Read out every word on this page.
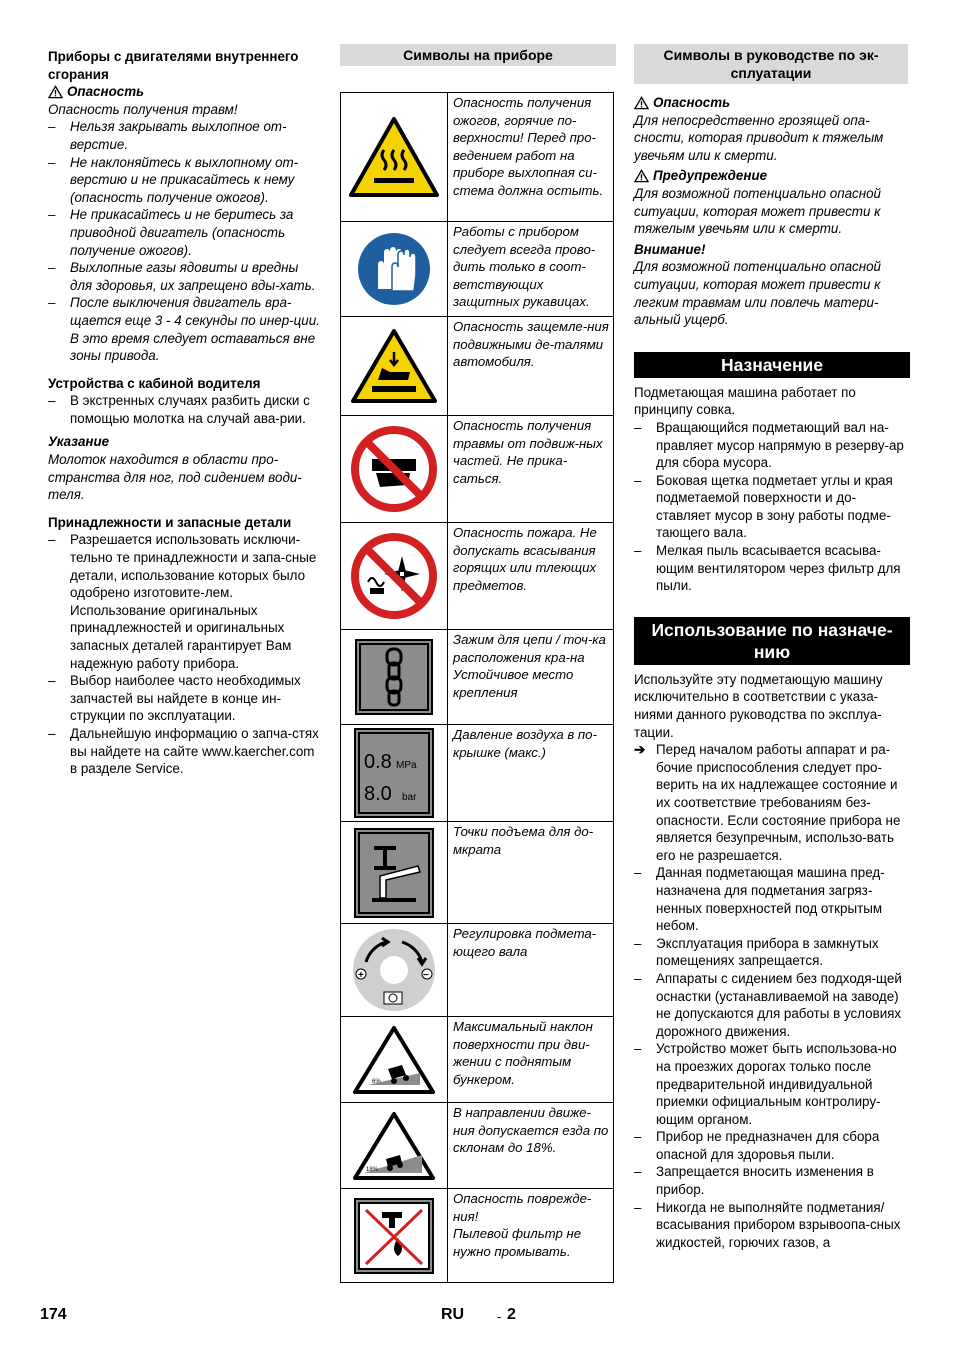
Приборы с двигателями внутреннего сгорания
Опасность
Опасность получения травм!
– Нельзя закрывать выхлопное от-верстие.
– Не наклоняйтесь к выхлопному от-верстию и не прикасайтесь к нему (опасность получение ожогов).
– Не прикасайтесь и не беритесь за приводной двигатель (опасность получение ожогов).
– Выхлопные газы ядовиты и вредны для здоровья, их запрещено вды-хать.
– После выключения двигатель вра-щается еще 3 - 4 секунды по инер-ции. В это время следует оставаться вне зоны привода.
Устройства с кабиной водителя
– В экстренных случаях разбить диски с помощью молотка на случай ава-рии.
Указание
Молоток находится в области про-странства для ног, под сидением води-теля.
Принадлежности и запасные детали
– Разрешается использовать исключи-тельно те принадлежности и запа-сные детали, использование которых было одобрено изготовите-лем. Использование оригинальных принадлежностей и оригинальных запасных деталей гарантирует Вам надежную работу прибора.
– Выбор наиболее часто необходимых запчастей вы найдете в конце ин-струкции по эксплуатации.
– Дальнейшую информацию о запча-стях вы найдете на сайте www.kaercher.com в разделе Service.
Символы на приборе
	Опасность получения ожогов, горячие по-верхности! Перед про-ведением работ на приборе выхлопная си-стема должна остыть.

	Работы с прибором следует всегда прово-дить только в соот-ветствующих защитных рукавицах.

	Опасность защемле-ния подвижными де-талями автомобиля.

	Опасность получения травмы от подвиж-ных частей. Не прика-саться.

	Опасность пожара. Не допускать всасывания горящих или тлеющих предметов.

	Зажим для цепи / точ-ка расположения кра-на
Устойчивое место крепления

0.8 MPa
8.0 bar	Давление воздуха в по-крышке (макс.)

	Точки подъема для до-мкрата

+ −	Регулировка подмета-ющего вала

6%	Максимальный наклон поверхности при дви-жении с поднятым бункером.

18%	В направлении движе-ния допускается езда по склонам до 18%.

	Опасность поврежде-ния!
Пылевой фильтр не нужно промывать.
Символы в руководстве по эк-сплуатации
Опасность
Для непосредственно грозящей опа-сности, которая приводит к тяжелым увечьям или к смерти.
Предупреждение
Для возможной потенциально опасной ситуации, которая может привести к тяжелым увечьям или к смерти.
Внимание!
Для возможной потенциально опасной ситуации, которая может привести к легким травмам или повлечь матери-альный ущерб.
Назначение
Подметающая машина работает по принципу совка.
– Вращающийся подметающий вал на-правляет мусор напрямую в резерву-ар для сбора мусора.
– Боковая щетка подметает углы и края подметаемой поверхности и до-ставляет мусор в зону работы подме-тающего вала.
– Мелкая пыль всасывается всасыва-ющим вентилятором через фильтр для пыли.
Использование по назначе-нию
Используйте эту подметающую машину исключительно в соответствии с указа-ниями данного руководства по эксплуа-тации.
➔ Перед началом работы аппарат и ра-бочие приспособления следует про-верить на их надлежащее состояние и их соответствие требованиям без-опасности. Если состояние прибора не является безупречным, использо-вать его не разрешается.
– Данная подметающая машина пред-назначена для подметания загряз-ненных поверхностей под открытым небом.
– Эксплуатация прибора в замкнутых помещениях запрещается.
– Аппараты с сидением без подходя-щей оснастки (устанавливаемой на заводе) не допускаются для работы в условиях дорожного движения.
– Устройство может быть использова-но на проезжих дорогах только после предварительной индивидуальной приемки официальным контролиру-ющим органом.
– Прибор не предназначен для сбора опасной для здоровья пыли.
– Запрещается вносить изменения в прибор.
– Никогда не выполняйте подметания/всасывания прибором взрывоопа-сных жидкостей, горючих газов, а
174	RU	- 2
